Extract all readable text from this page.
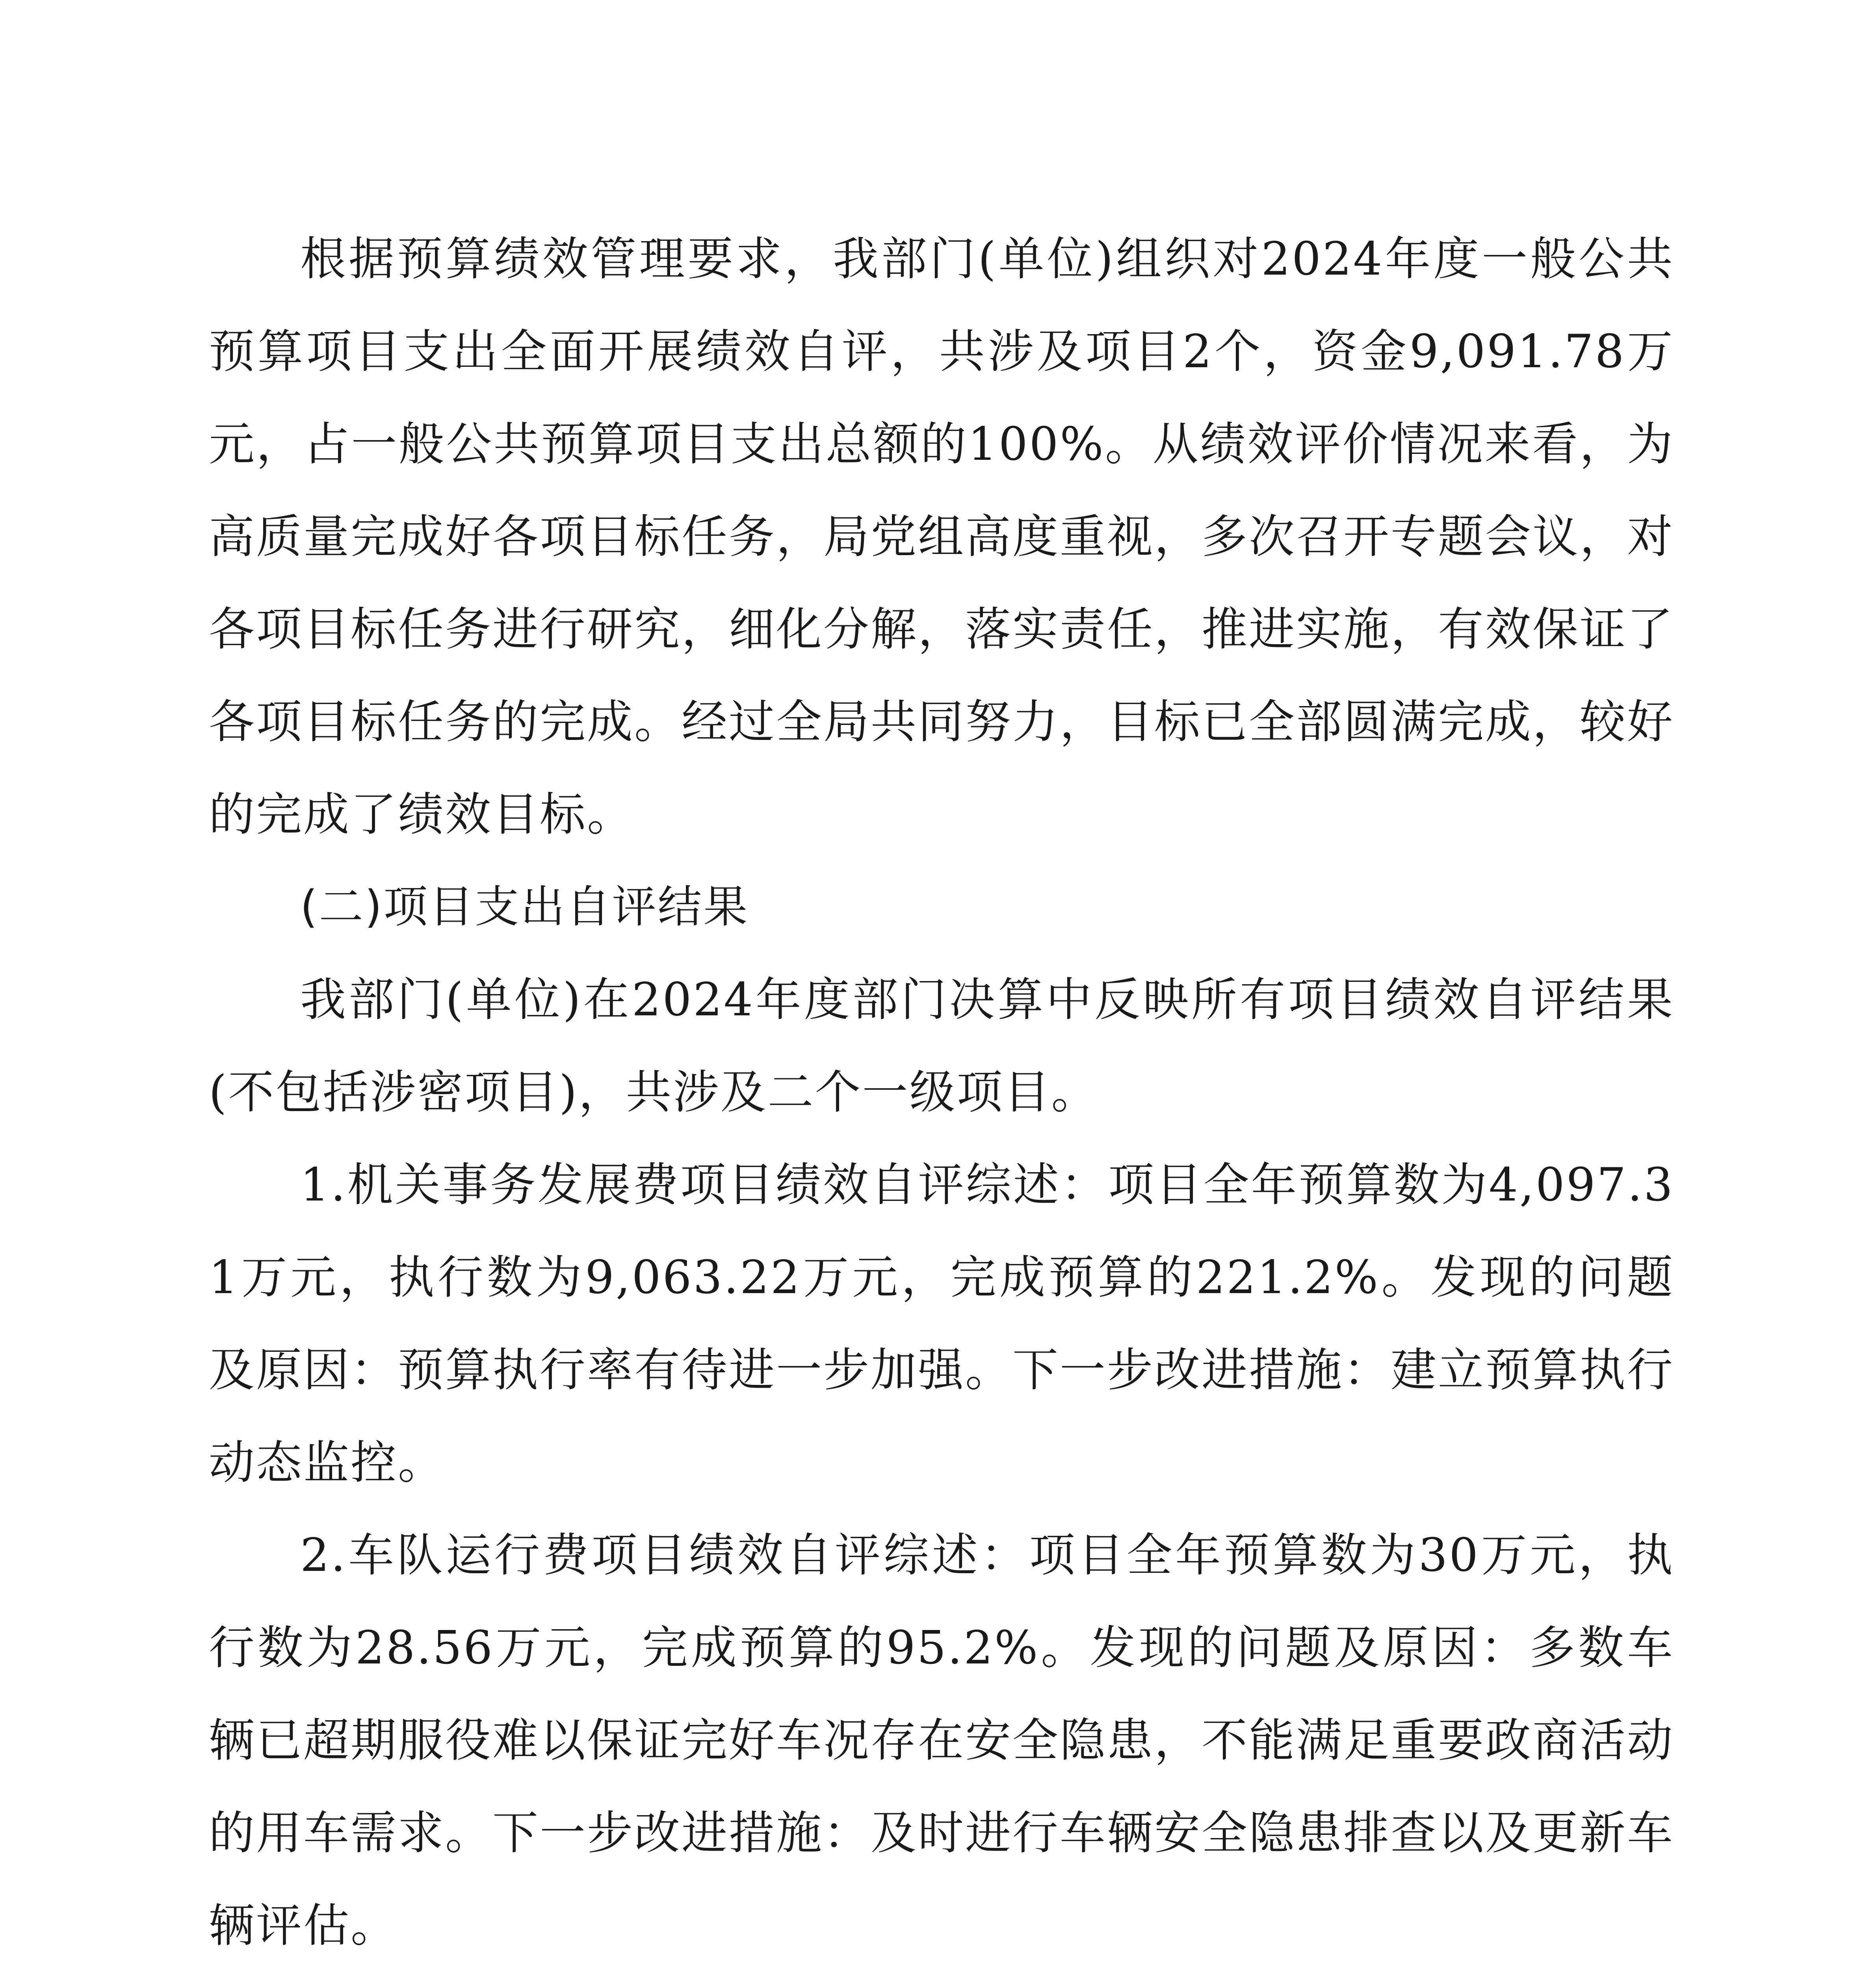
根据预算绩效管理要求，我部门(单位)组织对2024年度一般公共预算项目支出全面开展绩效自评，共涉及项目2个，资金9,091.78万元，占一般公共预算项目支出总额的100%。从绩效评价情况来看，为高质量完成好各项目标任务，局党组高度重视，多次召开专题会议，对各项目标任务进行研究，细化分解，落实责任，推进实施，有效保证了各项目标任务的完成。经过全局共同努力，目标已全部圆满完成，较好的完成了绩效目标。

(二)项目支出自评结果

我部门(单位)在2024年度部门决算中反映所有项目绩效自评结果(不包括涉密项目)，共涉及二个一级项目。

1.机关事务发展费项目绩效自评综述：项目全年预算数为4,097.31万元，执行数为9,063.22万元，完成预算的221.2%。发现的问题及原因：预算执行率有待进一步加强。下一步改进措施：建立预算执行动态监控。

2.车队运行费项目绩效自评综述：项目全年预算数为30万元，执行数为28.56万元，完成预算的95.2%。发现的问题及原因：多数车辆已超期服役难以保证完好车况存在安全隐患，不能满足重要政商活动的用车需求。下一步改进措施：及时进行车辆安全隐患排查以及更新车辆评估。
